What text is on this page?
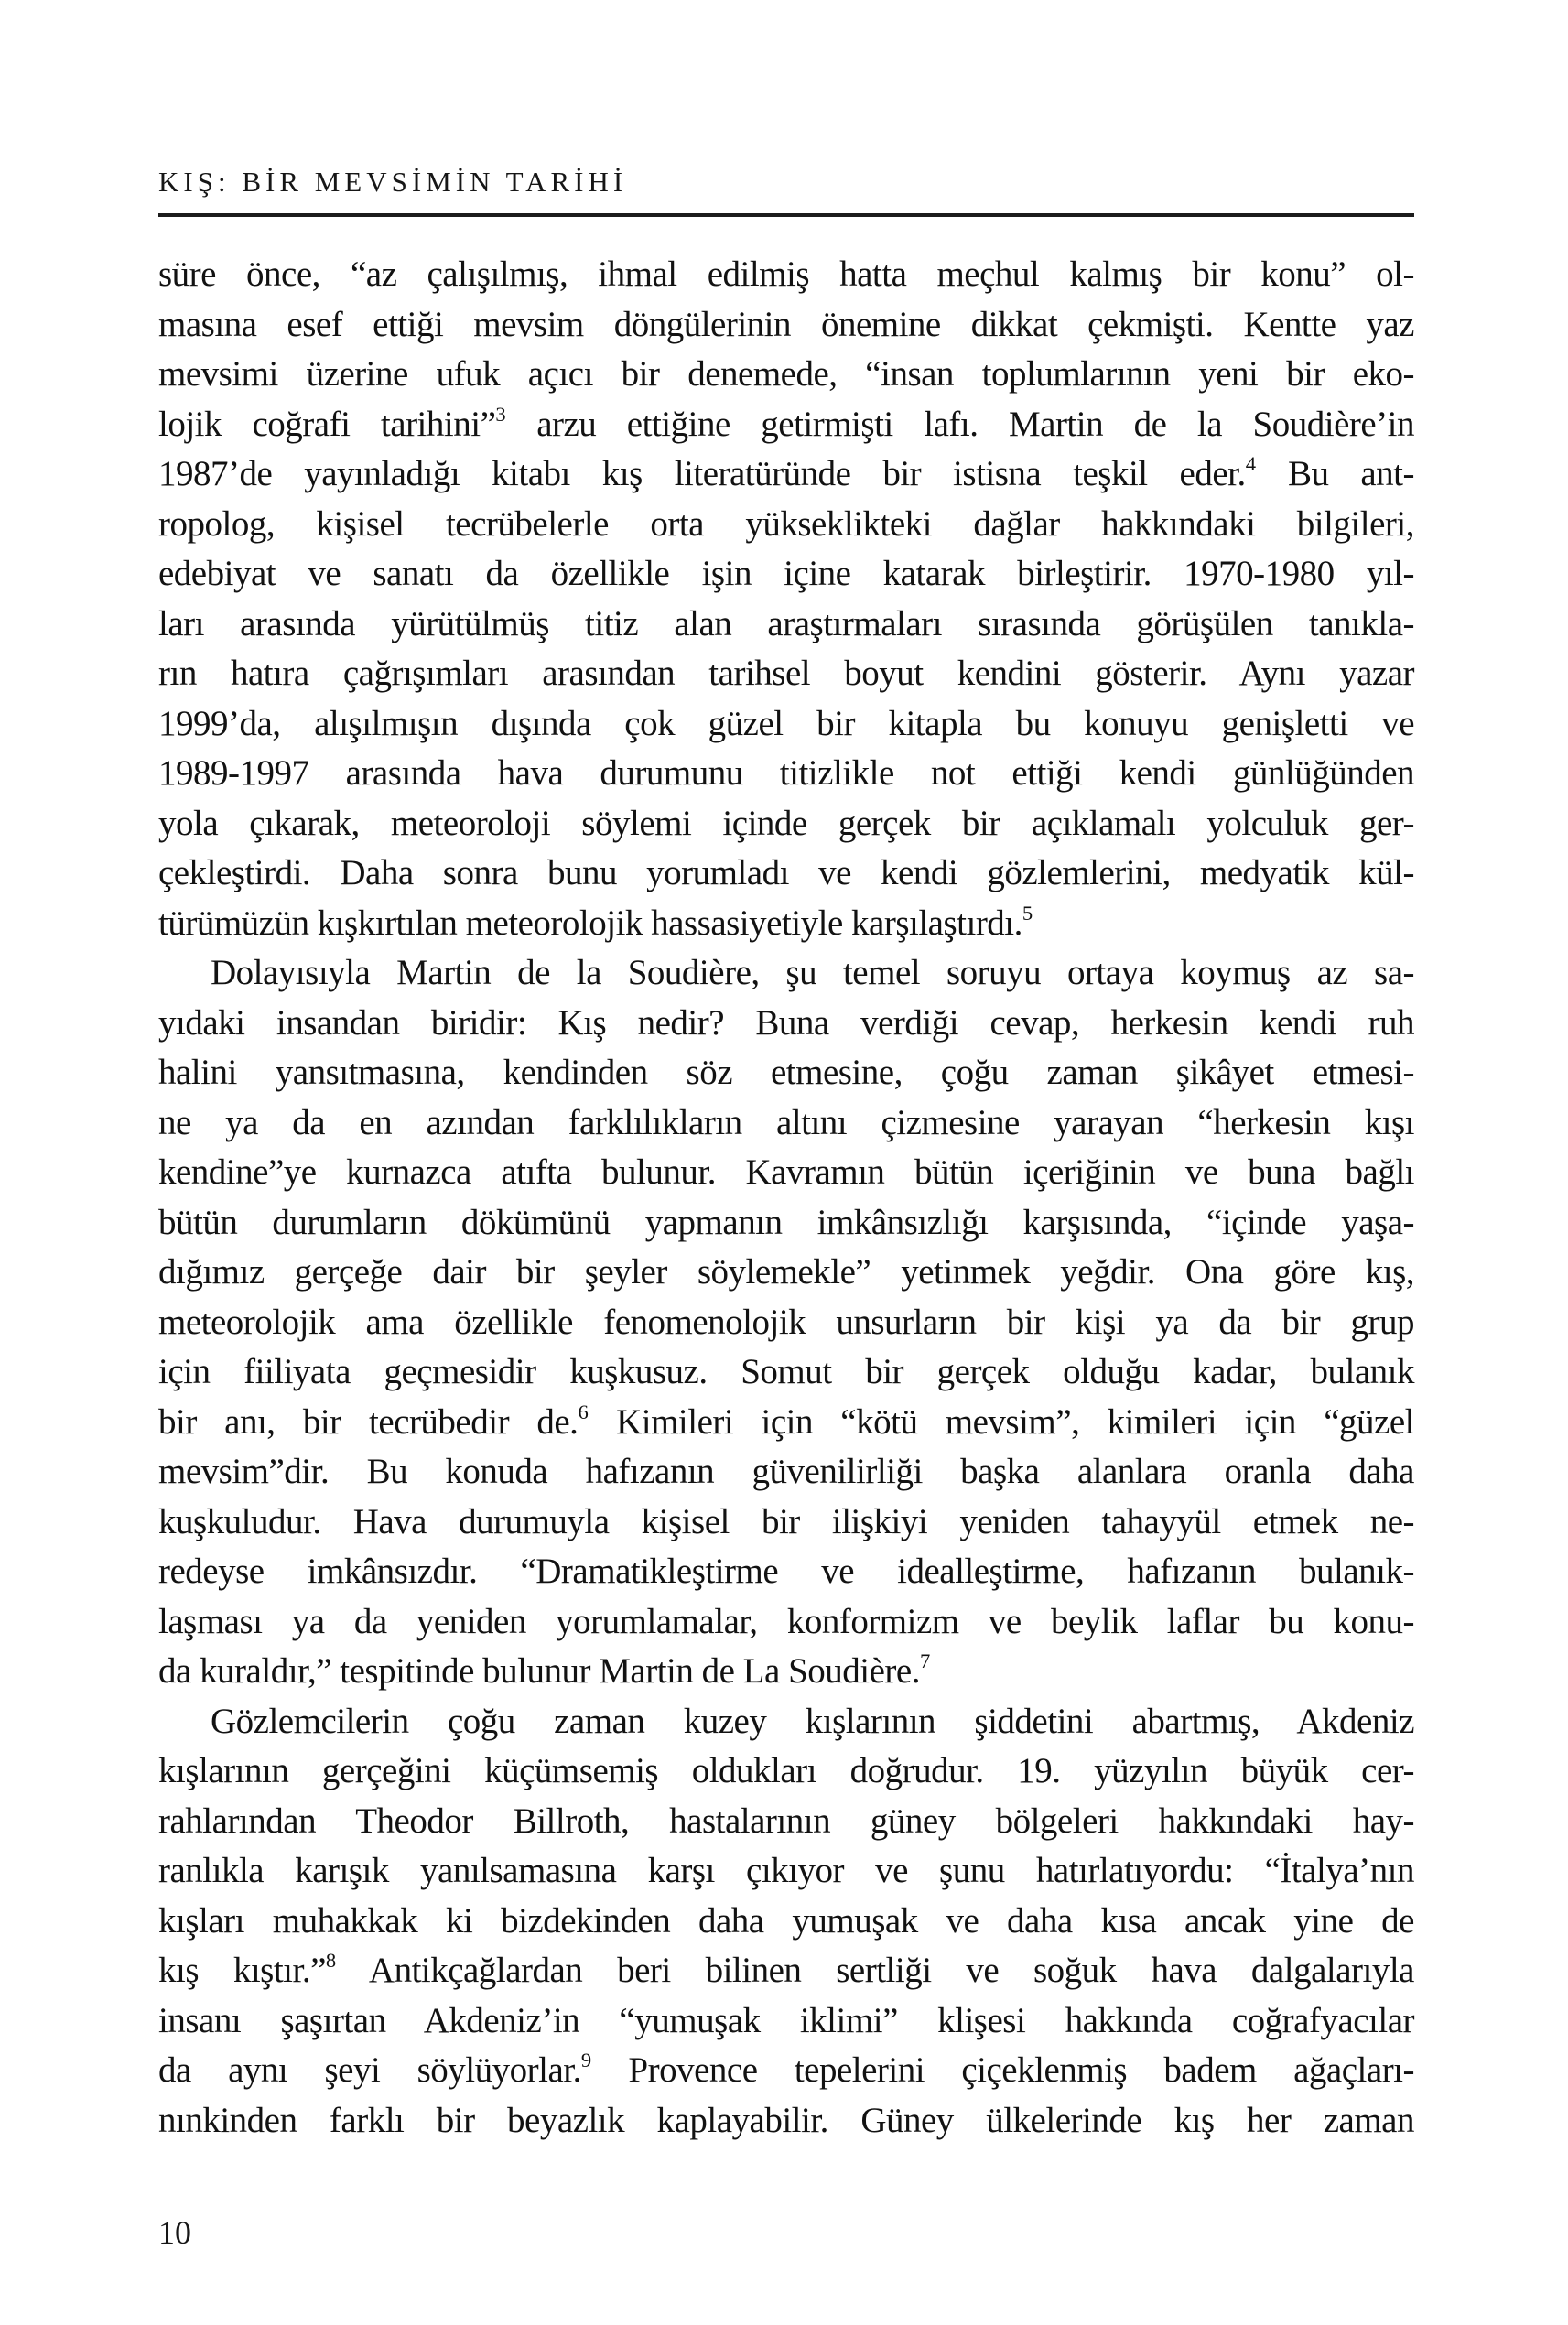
KIŞ: BİR MEVSİMİN TARİHİ
süre önce, “az çalışılmış, ihmal edilmiş hatta meçhul kalmış bir konu” ol-
masına esef ettiği mevsim döngülerinin önemine dikkat çekmişti. Kentte yaz
mevsimi üzerine ufuk açıcı bir denemede, “insan toplumlarının yeni bir eko-
lojik coğrafi tarihini”$^3$ arzu ettiğine getirmişti lafı. Martin de la Soudière’in
1987’de yayınladığı kitabı kış literatüründe bir istisna teşkil eder.$^4$ Bu ant-
ropolog, kişisel tecrübelerle orta yükseklikteki dağlar hakkındaki bilgileri,
edebiyat ve sanatı da özellikle işin içine katarak birleştirir. 1970-1980 yıl-
ları arasında yürütülmüş titiz alan araştırmaları sırasında görüşülen tanıkla-
rın hatıra çağrışımları arasından tarihsel boyut kendini gösterir. Aynı yazar
1999’da, alışılmışın dışında çok güzel bir kitapla bu konuyu genişletti ve
1989-1997 arasında hava durumunu titizlikle not ettiği kendi günlüğünden
yola çıkarak, meteoroloji söylemi içinde gerçek bir açıklamalı yolculuk ger-
çekleştirdi. Daha sonra bunu yorumladı ve kendi gözlemlerini, medyatik kül-
türümüzün kışkırtılan meteorolojik hassasiyetiyle karşılaştırdı.$^5$
Dolayısıyla Martin de la Soudière, şu temel soruyu ortaya koymuş az sa-
yıdaki insandan biridir: Kış nedir? Buna verdiği cevap, herkesin kendi ruh
halini yansıtmasına, kendinden söz etmesine, çoğu zaman şikâyet etmesi-
ne ya da en azından farklılıkların altını çizmesine yarayan “herkesin kışı
kendine”ye kurnazca atıfta bulunur. Kavramın bütün içeriğinin ve buna bağlı
bütün durumların dökümünü yapmanın imkânsızlığı karşısında, “içinde yaşa-
dığımız gerçeğe dair bir şeyler söylemekle” yetinmek yeğdir. Ona göre kış,
meteorolojik ama özellikle fenomenolojik unsurların bir kişi ya da bir grup
için fiiliyata geçmesidir kuşkusuz. Somut bir gerçek olduğu kadar, bulanık
bir anı, bir tecrübedir de.$^6$ Kimileri için “kötü mevsim”, kimileri için “güzel
mevsim”dir. Bu konuda hafızanın güvenilirliği başka alanlara oranla daha
kuşkuludur. Hava durumuyla kişisel bir ilişkiyi yeniden tahayyül etmek ne-
redeyse imkânsızdır. “Dramatikleştirme ve idealleştirme, hafızanın bulanık-
laşması ya da yeniden yorumlamalar, konformizm ve beylik laflar bu konu-
da kuraldır,” tespitinde bulunur Martin de La Soudière.$^7$
Gözlemcilerin çoğu zaman kuzey kışlarının şiddetini abartmış, Akdeniz
kışlarının gerçeğini küçümsemiş oldukları doğrudur. 19. yüzyılın büyük cer-
rahlarından Theodor Billroth, hastalarının güney bölgeleri hakkındaki hay-
ranlıkla karışık yanılsamasına karşı çıkıyor ve şunu hatırlatıyordu: “İtalya’nın
kışları muhakkak ki bizdekinden daha yumuşak ve daha kısa ancak yine de
kış kıştır.”$^8$ Antikçağlardan beri bilinen sertliği ve soğuk hava dalgalarıyla
insanı şaşırtan Akdeniz’in “yumuşak iklimi” klişesi hakkında coğrafyacılar
da aynı şeyi söylüyorlar.$^9$ Provence tepelerini çiçeklenmiş badem ağaçları-
nınkinden farklı bir beyazlık kaplayabilir. Güney ülkelerinde kış her zaman
10
